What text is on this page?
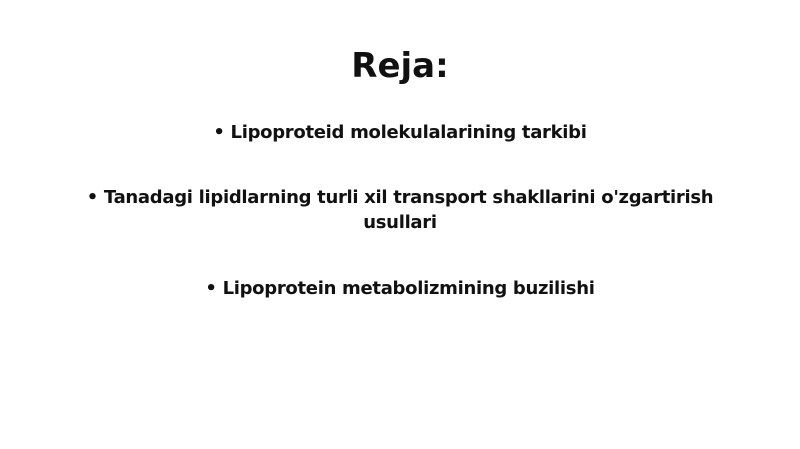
Reja:
• Lipoproteid molekulalarining tarkibi
• Tanadagi lipidlarning turli xil transport shakllarini o'zgartirish usullari
• Lipoprotein metabolizmining buzilishi
